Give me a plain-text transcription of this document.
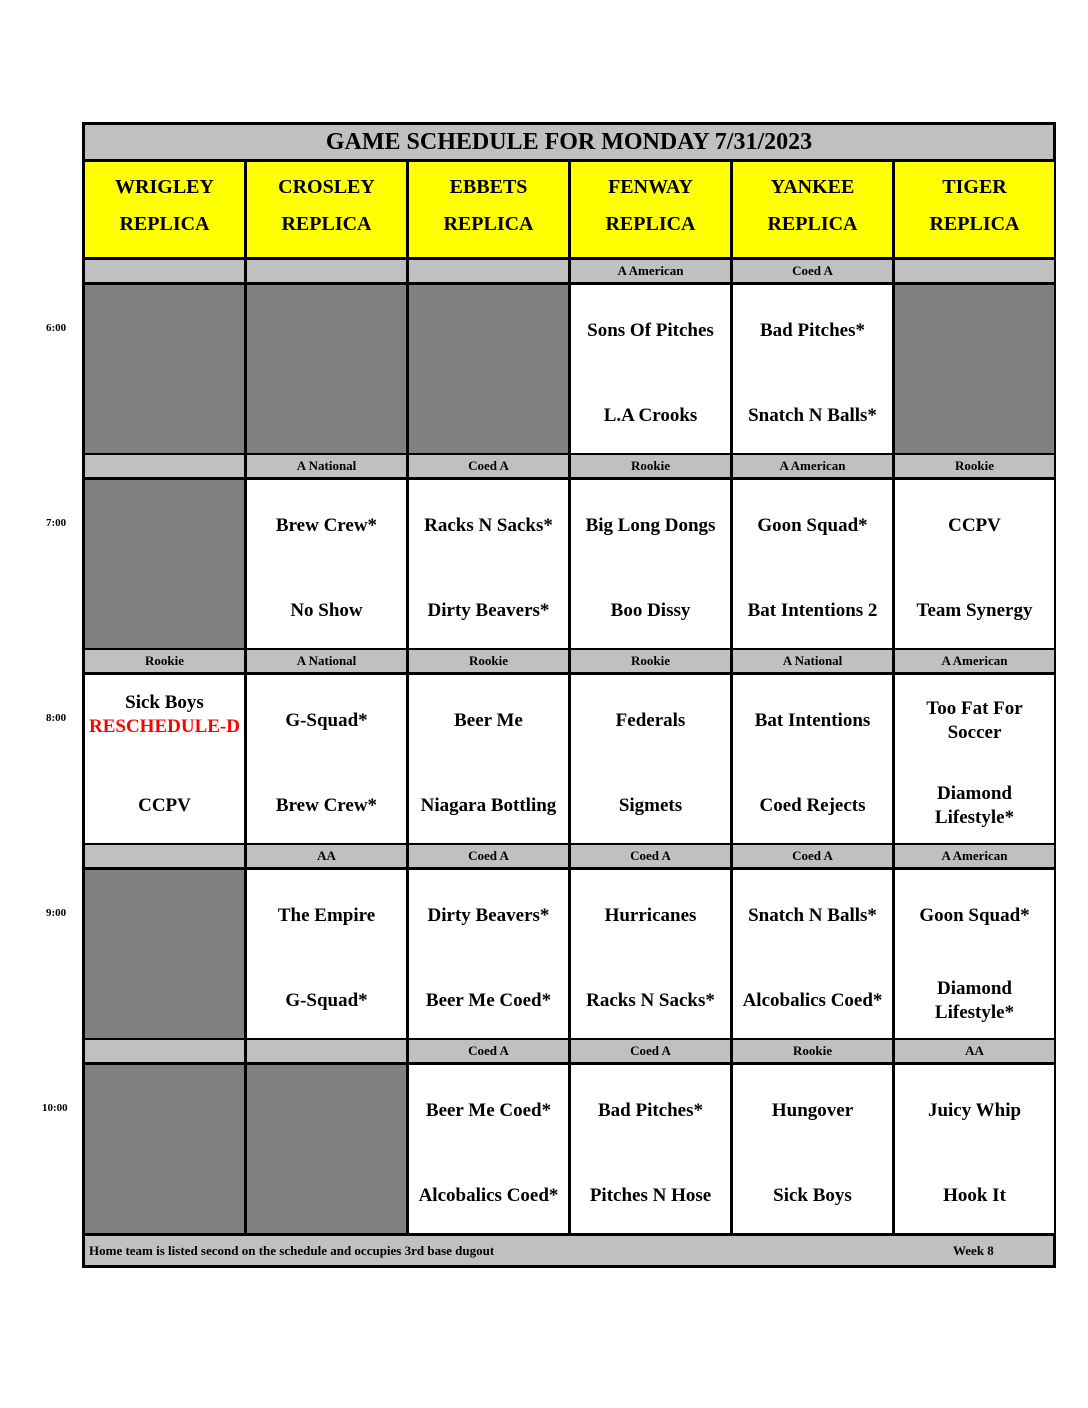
GAME SCHEDULE FOR MONDAY 7/31/2023
Home team is listed second on the schedule and occupies 3rd base dugout	Week 8
WRIGLEY
REPLICA
CROSLEY
REPLICA
EBBETS
REPLICA
FENWAY
REPLICA
YANKEE
REPLICA
TIGER
REPLICA
A American
Sons Of Pitches
L.A Crooks
Coed A
Bad Pitches*
Snatch N Balls*
A National
Brew Crew*
No Show
Coed A
Racks N Sacks*
Dirty Beavers*
Rookie
Big Long Dongs
Boo Dissy
A American
Goon Squad*
Bat Intentions 2
Rookie
CCPV
Team Synergy
Rookie
Sick Boys
RESCHEDULE-D
CCPV
A National
G-Squad*
Brew Crew*
Rookie
Beer Me
Niagara Bottling
Rookie
Federals
Sigmets
A National
Bat Intentions
Coed Rejects
A American
Too Fat For Soccer
Diamond Lifestyle*
AA
The Empire
G-Squad*
Coed A
Dirty Beavers*
Beer Me Coed*
Coed A
Hurricanes
Racks N Sacks*
Coed A
Snatch N Balls*
Alcobalics Coed*
A American
Goon Squad*
Diamond Lifestyle*
Coed A
Beer Me Coed*
Alcobalics Coed*
Coed A
Bad Pitches*
Pitches N Hose
Rookie
Hungover
Sick Boys
AA
Juicy Whip
Hook It
6:00
7:00
8:00
9:00
10:00
